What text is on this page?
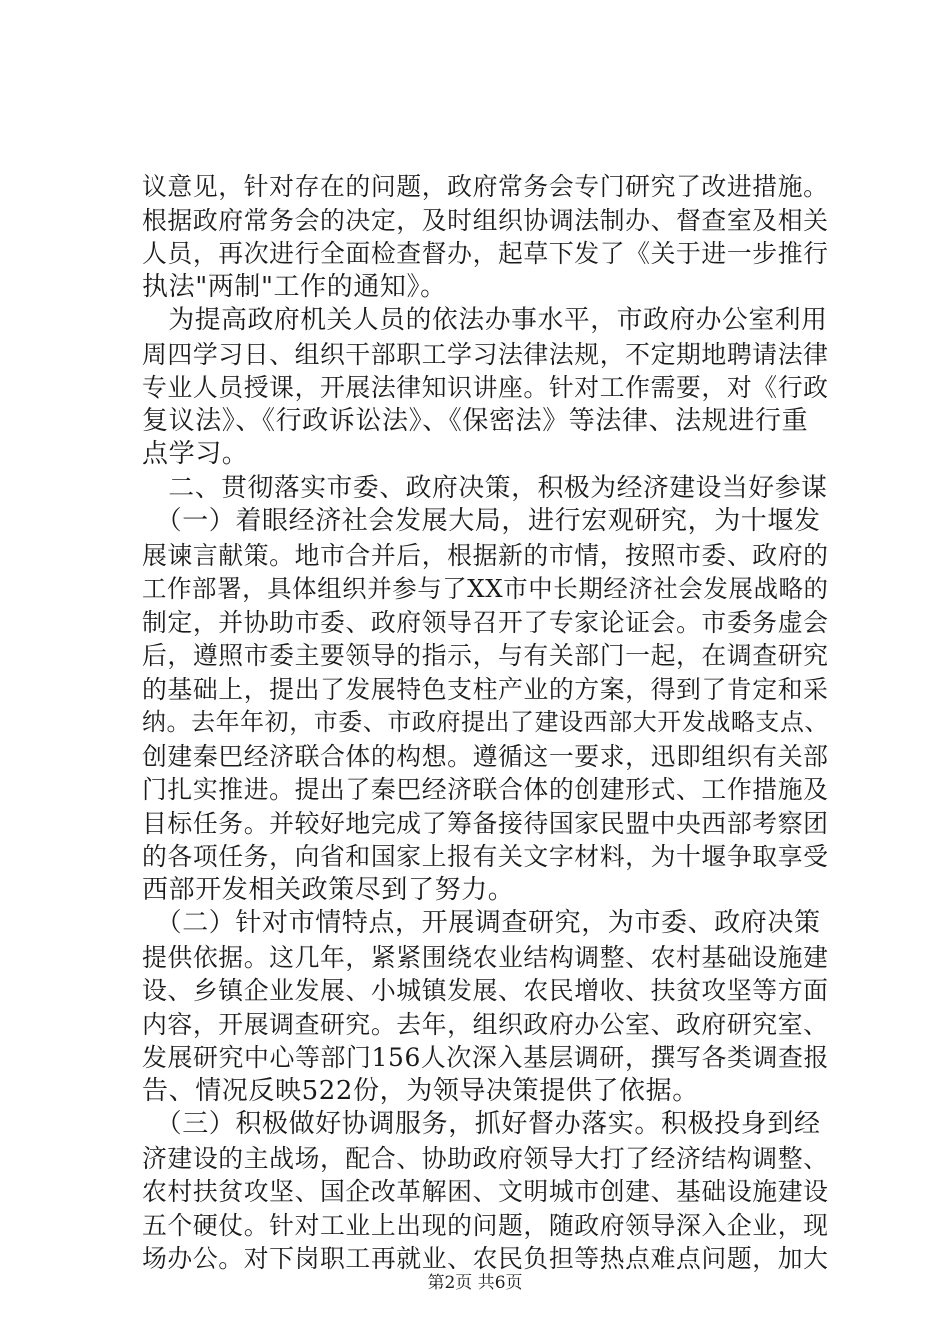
议意见，针对存在的问题，政府常务会专门研究了改进措施。
根据政府常务会的决定，及时组织协调法制办、督查室及相关
人员，再次进行全面检查督办，起草下发了《关于进一步推行
执法"两制"工作的通知》。
　为提高政府机关人员的依法办事水平，市政府办公室利用
周四学习日、组织干部职工学习法律法规，不定期地聘请法律
专业人员授课，开展法律知识讲座。针对工作需要，对《行政
复议法》、《行政诉讼法》、《保密法》等法律、法规进行重
点学习。
　二、贯彻落实市委、政府决策，积极为经济建设当好参谋
　（一）着眼经济社会发展大局，进行宏观研究，为十堰发
展谏言献策。地市合并后，根据新的市情，按照市委、政府的
工作部署，具体组织并参与了XX市中长期经济社会发展战略的
制定，并协助市委、政府领导召开了专家论证会。市委务虚会
后，遵照市委主要领导的指示，与有关部门一起，在调查研究
的基础上，提出了发展特色支柱产业的方案，得到了肯定和采
纳。去年年初，市委、市政府提出了建设西部大开发战略支点、
创建秦巴经济联合体的构想。遵循这一要求，迅即组织有关部
门扎实推进。提出了秦巴经济联合体的创建形式、工作措施及
目标任务。并较好地完成了筹备接待国家民盟中央西部考察团
的各项任务，向省和国家上报有关文字材料，为十堰争取享受
西部开发相关政策尽到了努力。
　（二）针对市情特点，开展调查研究，为市委、政府决策
提供依据。这几年，紧紧围绕农业结构调整、农村基础设施建
设、乡镇企业发展、小城镇发展、农民增收、扶贫攻坚等方面
内容，开展调查研究。去年，组织政府办公室、政府研究室、
发展研究中心等部门156人次深入基层调研，撰写各类调查报
告、情况反映522份，为领导决策提供了依据。
　（三）积极做好协调服务，抓好督办落实。积极投身到经
济建设的主战场，配合、协助政府领导大打了经济结构调整、
农村扶贫攻坚、国企改革解困、文明城市创建、基础设施建设
五个硬仗。针对工业上出现的问题，随政府领导深入企业，现
场办公。对下岗职工再就业、农民负担等热点难点问题，加大
第2页 共6页
